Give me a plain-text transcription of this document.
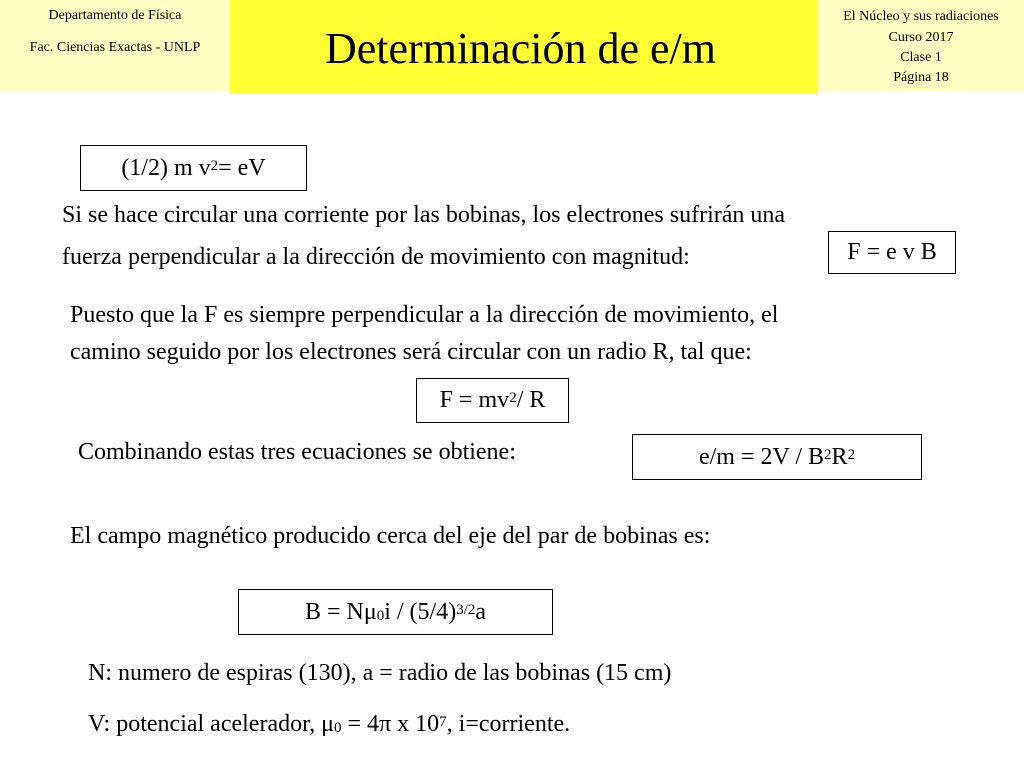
Departamento de Física
Fac. Ciencias Exactas - UNLP	Determinación de e/m
El Núcleo y sus radiaciones
Curso 2017
Clase 1
Página 18
(1/2) m $v^2$ = eV
Si se hace circular una corriente por las bobinas, los electrones sufrirán una
fuerza perpendicular a la dirección de movimiento con magnitud:	F = e v B
Puesto que la F es siempre perpendicular a la dirección de movimiento, el
camino seguido por los electrones será circular con un radio R, tal que:
$F = mv^2 / R$
Combinando estas tres ecuaciones se obtiene:	$e/m = 2V / B^2$ $R^2$
El campo magnético producido cerca del eje del par de bobinas es:
$B = N\mu_0$ i / $(5/4)^{3/2}$ a
N: numero de espiras (130), a = radio de las bobinas (15 cm)
V: potencial acelerador, $\mu_0 = 4\pi$ x $10^7$, i=corriente.
